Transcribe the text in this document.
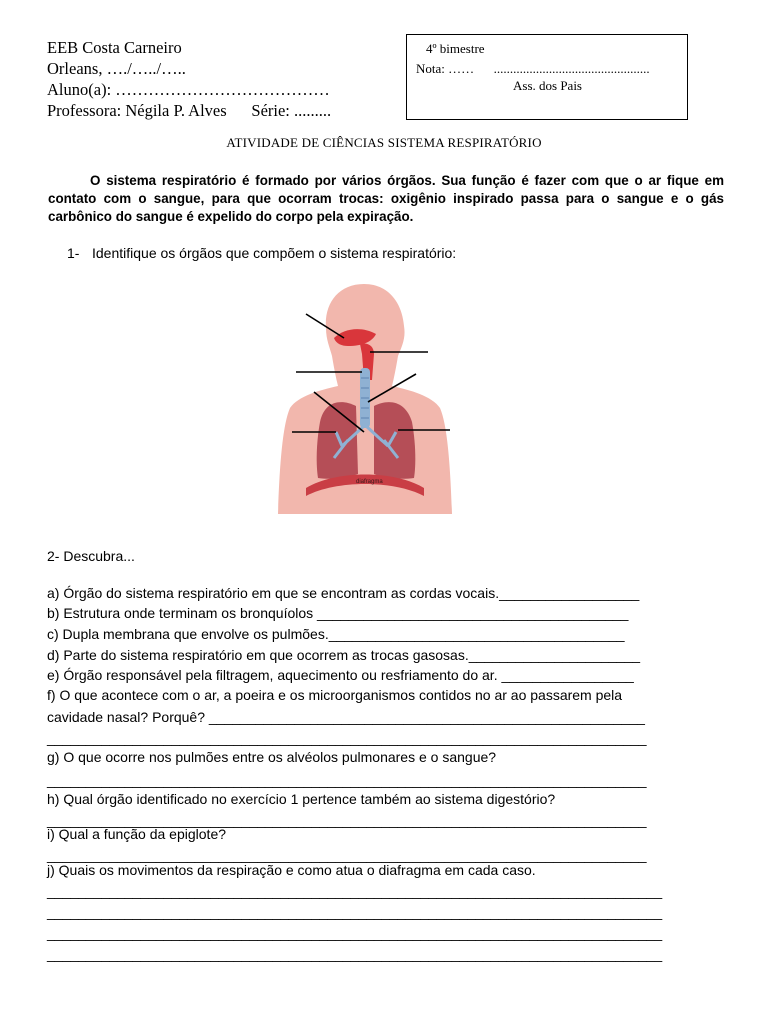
EEB Costa Carneiro
Orleans, …./…../…..
Aluno(a): …………………………………
Professora: Négila P. Alves      Série: .........
4º bimestre
Nota: ……      ................................................
Ass. dos Pais
ATIVIDADE DE CIÊNCIAS SISTEMA RESPIRATÓRIO
O sistema respiratório é formado por vários órgãos. Sua função é fazer com que o ar fique em contato com o sangue, para que ocorram trocas: oxigênio inspirado passa para o sangue e o gás carbônico do sangue é expelido do corpo pela expiração.
1- Identifique os órgãos que compõem o sistema respiratório:
diafragma
2- Descubra...
a) Órgão do sistema respiratório em que se encontram as cordas vocais.__________________
b) Estrutura onde terminam os bronquíolos ________________________________________
c) Dupla membrana que envolve os pulmões.______________________________________
d) Parte do sistema respiratório em que ocorrem as trocas gasosas.______________________
e) Órgão responsável pela filtragem, aquecimento ou resfriamento do ar. _________________
f) O que acontece com o ar, a poeira e os microorganismos contidos no ar ao passarem pela
cavidade nasal? Porquê? ________________________________________________________
_____________________________________________________________________________
g) O que ocorre nos pulmões entre os alvéolos pulmonares e o sangue?
_____________________________________________________________________________
h) Qual órgão identificado no exercício 1 pertence também ao sistema digestório?
_____________________________________________________________________________
i) Qual a função da epiglote?
_____________________________________________________________________________
j) Quais os movimentos da respiração e como atua o diafragma em cada caso.
_______________________________________________________________________________
_______________________________________________________________________________
_______________________________________________________________________________
_______________________________________________________________________________
